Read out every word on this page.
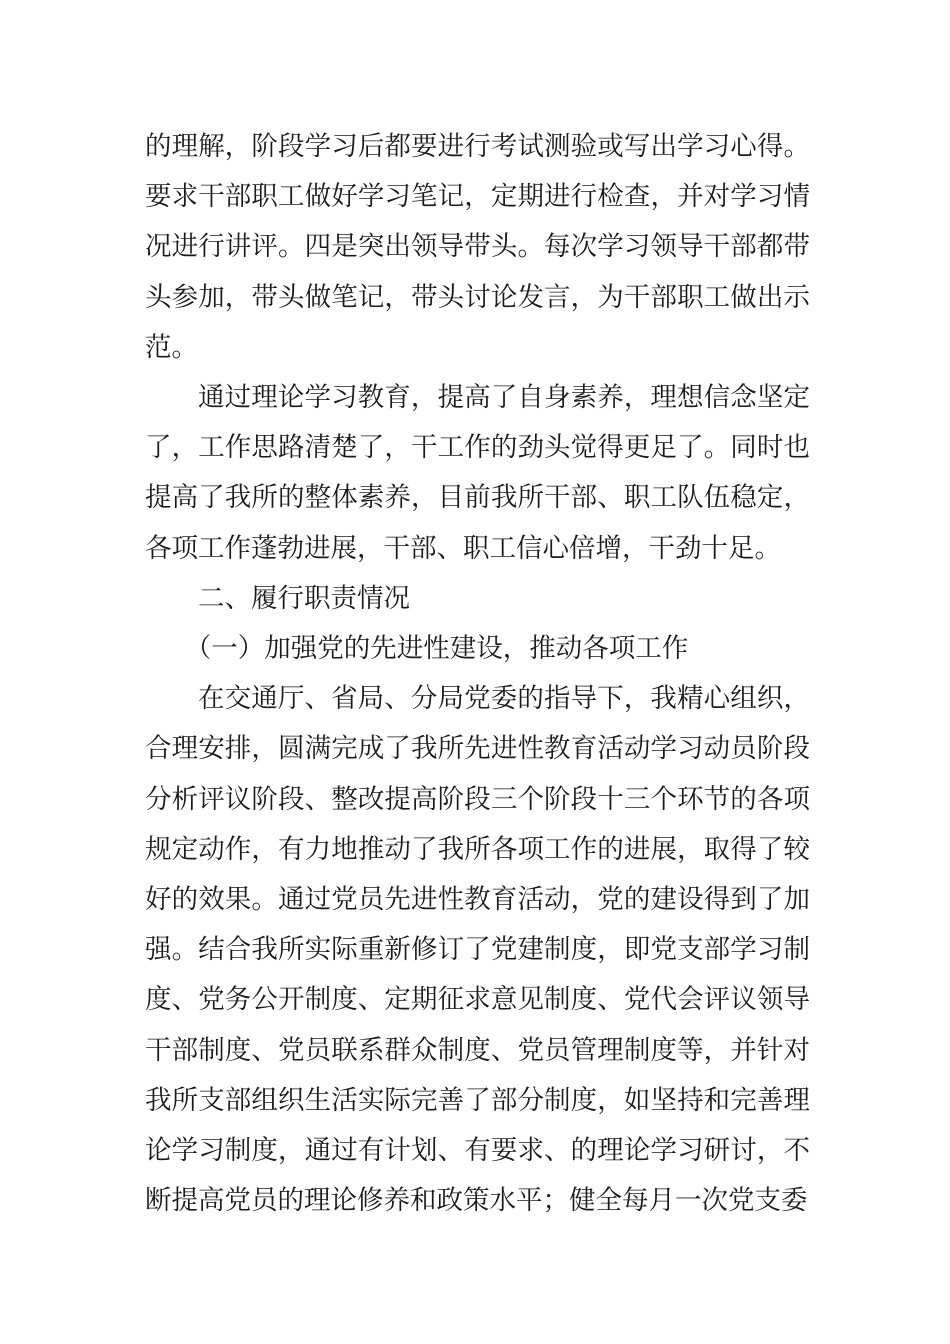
的理解，阶段学习后都要进行考试测验或写出学习心得。要求干部职工做好学习笔记，定期进行检查，并对学习情况进行讲评。四是突出领导带头。每次学习领导干部都带头参加，带头做笔记，带头讨论发言，为干部职工做出示范。

通过理论学习教育，提高了自身素养，理想信念坚定了，工作思路清楚了，干工作的劲头觉得更足了。同时也提高了我所的整体素养，目前我所干部、职工队伍稳定，各项工作蓬勃进展，干部、职工信心倍增，干劲十足。

二、履行职责情况

（一）加强党的先进性建设，推动各项工作

在交通厅、省局、分局党委的指导下，我精心组织，合理安排，圆满完成了我所先进性教育活动学习动员阶段分析评议阶段、整改提高阶段三个阶段十三个环节的各项规定动作，有力地推动了我所各项工作的进展，取得了较好的效果。通过党员先进性教育活动，党的建设得到了加强。结合我所实际重新修订了党建制度，即党支部学习制度、党务公开制度、定期征求意见制度、党代会评议领导干部制度、党员联系群众制度、党员管理制度等，并针对我所支部组织生活实际完善了部分制度，如坚持和完善理论学习制度，通过有计划、有要求、的理论学习研讨，不断提高党员的理论修养和政策水平；健全每月一次党支委
